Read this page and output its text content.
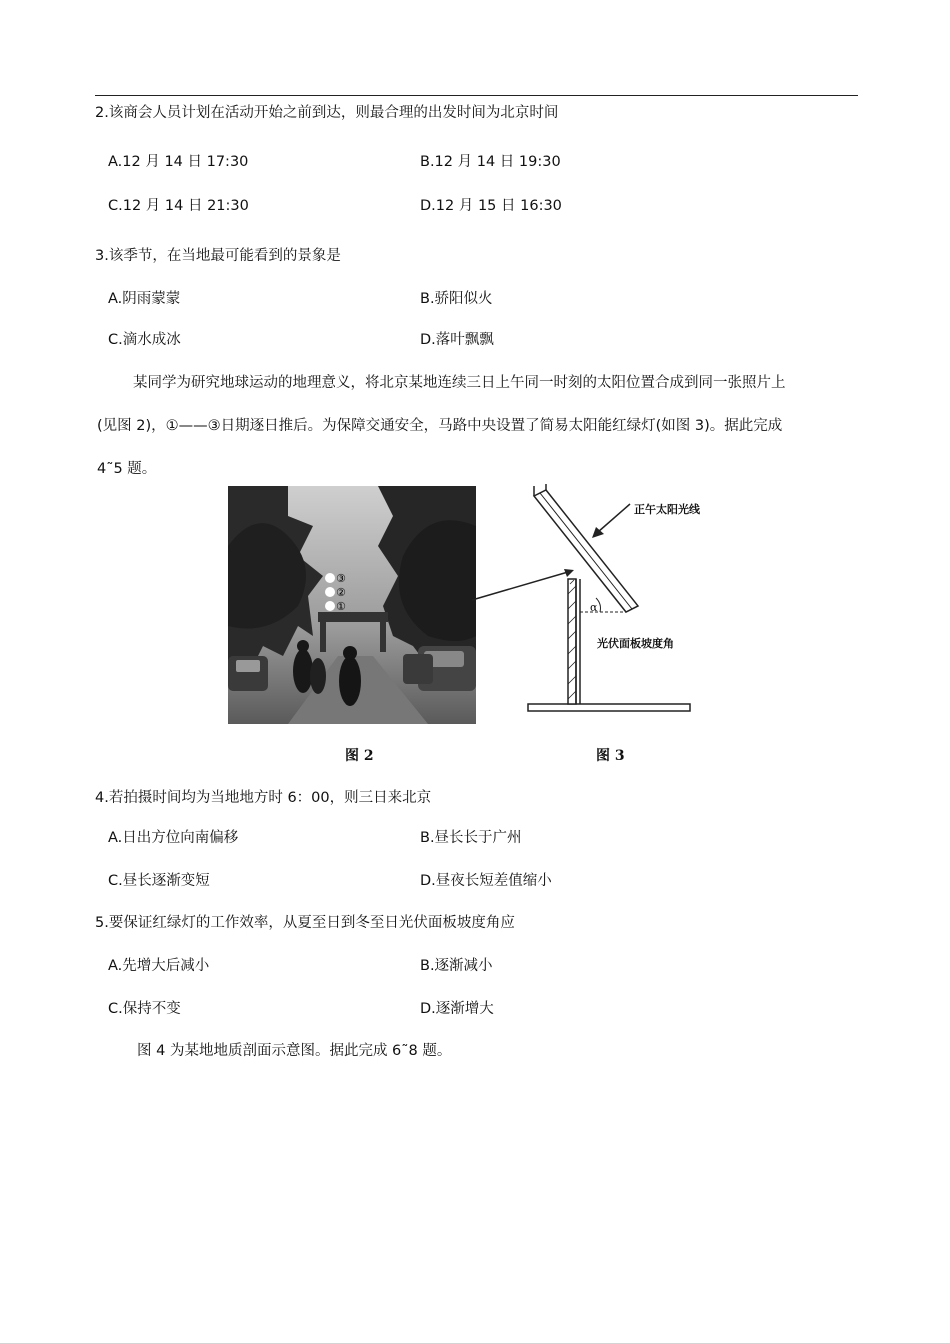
2.该商会人员计划在活动开始之前到达，则最合理的出发时间为北京时间
A.12 月 14 日 17:30	B.12 月 14 日 19:30
C.12 月 14 日 21:30	D.12 月 15 日 16:30
3.该季节，在当地最可能看到的景象是
A.阴雨蒙蒙	B.骄阳似火
C.滴水成冰	D.落叶飘飘
某同学为研究地球运动的地理意义，将北京某地连续三日上午同一时刻的太阳位置合成到同一张照片上
(见图 2)，①——③日期逐日推后。为保障交通安全，马路中央设置了简易太阳能红绿灯(如图 3)。据此完成
4˜5 题。
③
②
①	α
正午太阳光线
光伏面板坡度角
图 2	图 3
4.若拍摄时间均为当地地方时 6：00，则三日来北京
A.日出方位向南偏移	B.昼长长于广州
C.昼长逐渐变短	D.昼夜长短差值缩小
5.要保证红绿灯的工作效率，从夏至日到冬至日光伏面板坡度角应
A.先增大后减小	B.逐渐减小
C.保持不变	D.逐渐增大
图 4 为某地地质剖面示意图。据此完成 6˜8 题。
